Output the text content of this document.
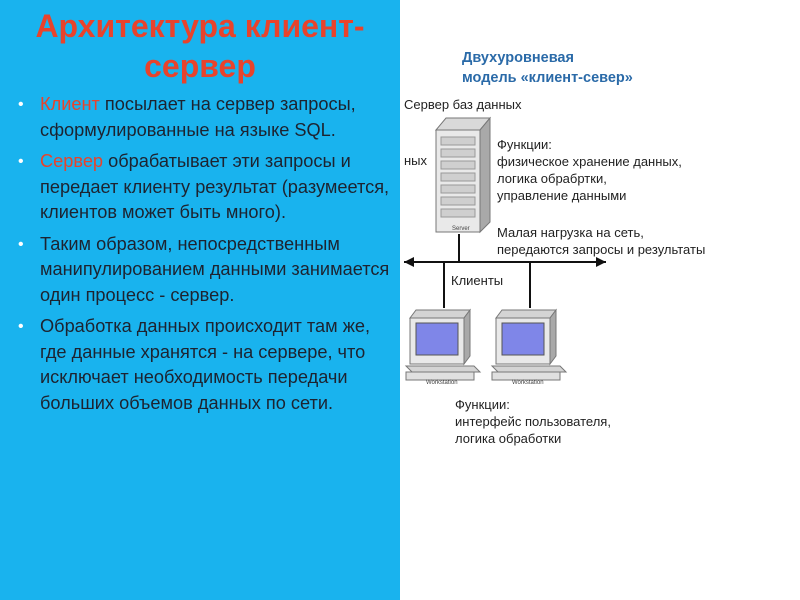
Архитектура клиент-
сервер
• Клиент посылает на сервер запросы, сформулированные на языке SQL.
• Сервер обрабатывает эти запросы и передает клиенту результат (разумеется, клиентов может быть много).
• Таким образом, непосредственным манипулированием данными занимается один процесс - сервер.
• Обработка данных происходит там же, где данные хранятся - на сервере, что исключает необходимость передачи больших объемов данных по сети.
Server
Workstation	Workstation
Двухуровневая
модель «клиент-север»
Сервер баз данных
ных
Функции:
физическое хранение данных,
логика обрабртки,
управление данными
Малая нагрузка на сеть,
передаются запросы и результаты
Клиенты
Функции:
интерфейс пользователя,
логика обработки
